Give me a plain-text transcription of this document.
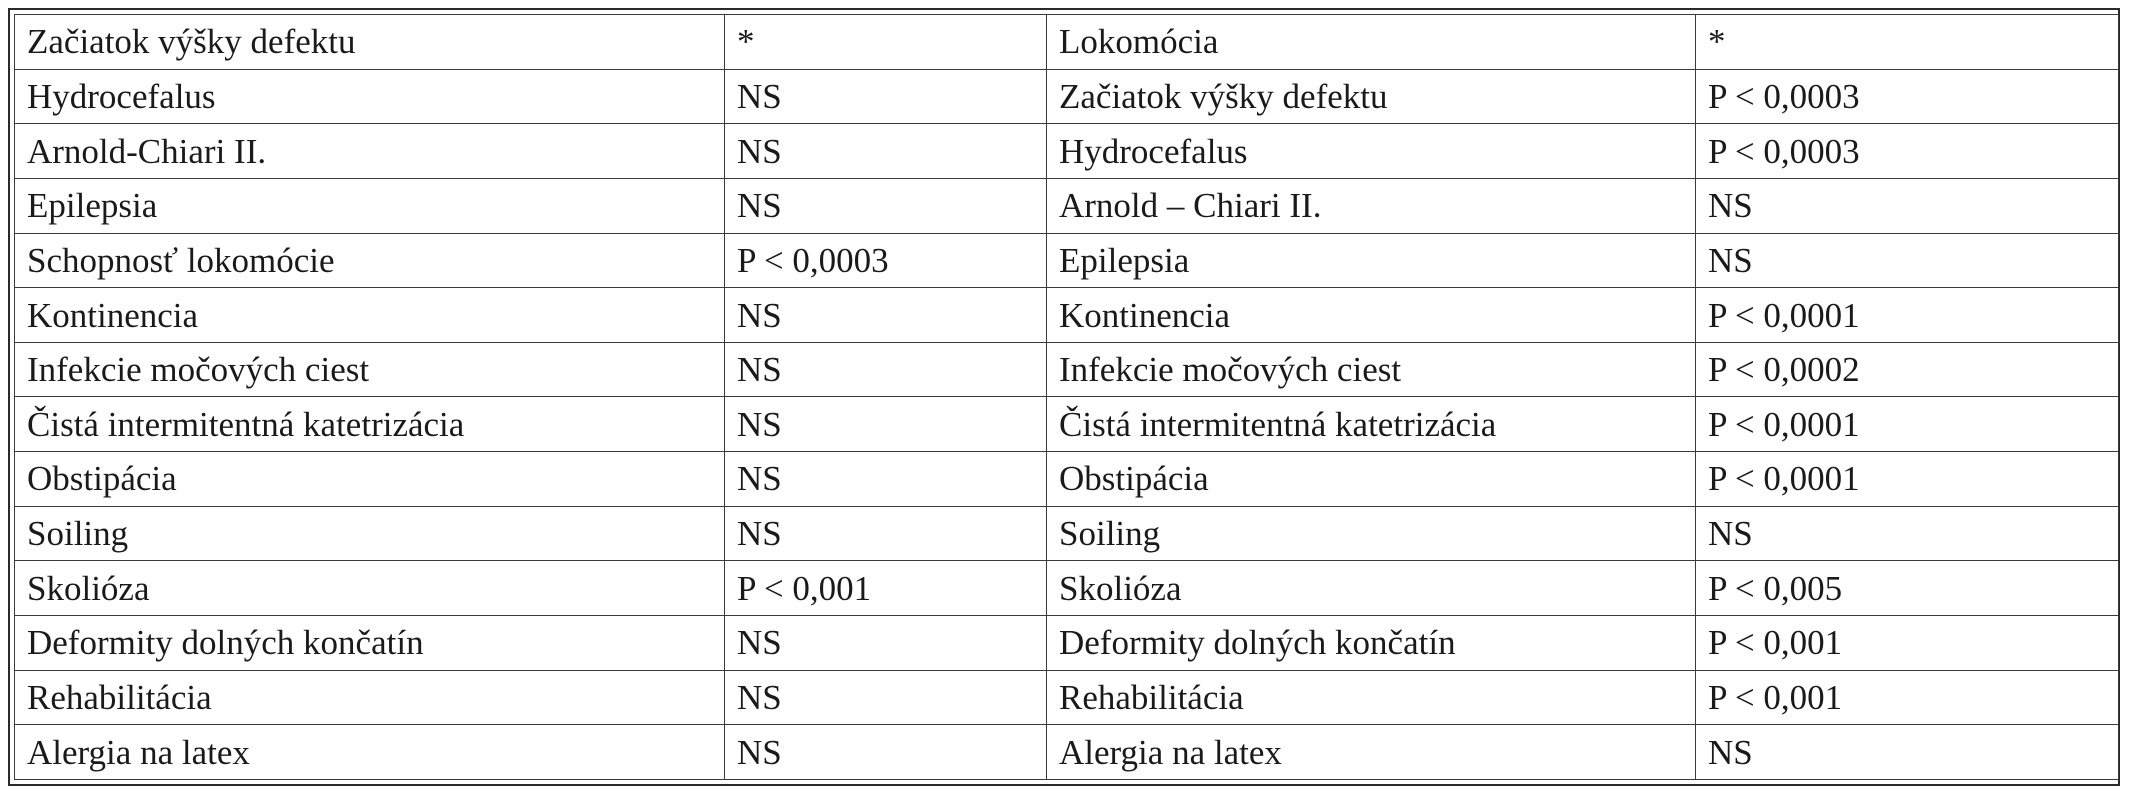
Začiatok výšky defektu	*	Lokomócia	*
Hydrocefalus	NS	Začiatok výšky defektu	P < 0,0003
Arnold-Chiari II.	NS	Hydrocefalus	P < 0,0003
Epilepsia	NS	Arnold – Chiari II.	NS
Schopnosť lokomócie	P < 0,0003	Epilepsia	NS
Kontinencia	NS	Kontinencia	P < 0,0001
Infekcie močových ciest	NS	Infekcie močových ciest	P < 0,0002
Čistá intermitentná katetrizácia	NS	Čistá intermitentná katetrizácia	P < 0,0001
Obstipácia	NS	Obstipácia	P < 0,0001
Soiling	NS	Soiling	NS
Skolióza	P < 0,001	Skolióza	P < 0,005
Deformity dolných končatín	NS	Deformity dolných končatín	P < 0,001
Rehabilitácia	NS	Rehabilitácia	P < 0,001
Alergia na latex	NS	Alergia na latex	NS
